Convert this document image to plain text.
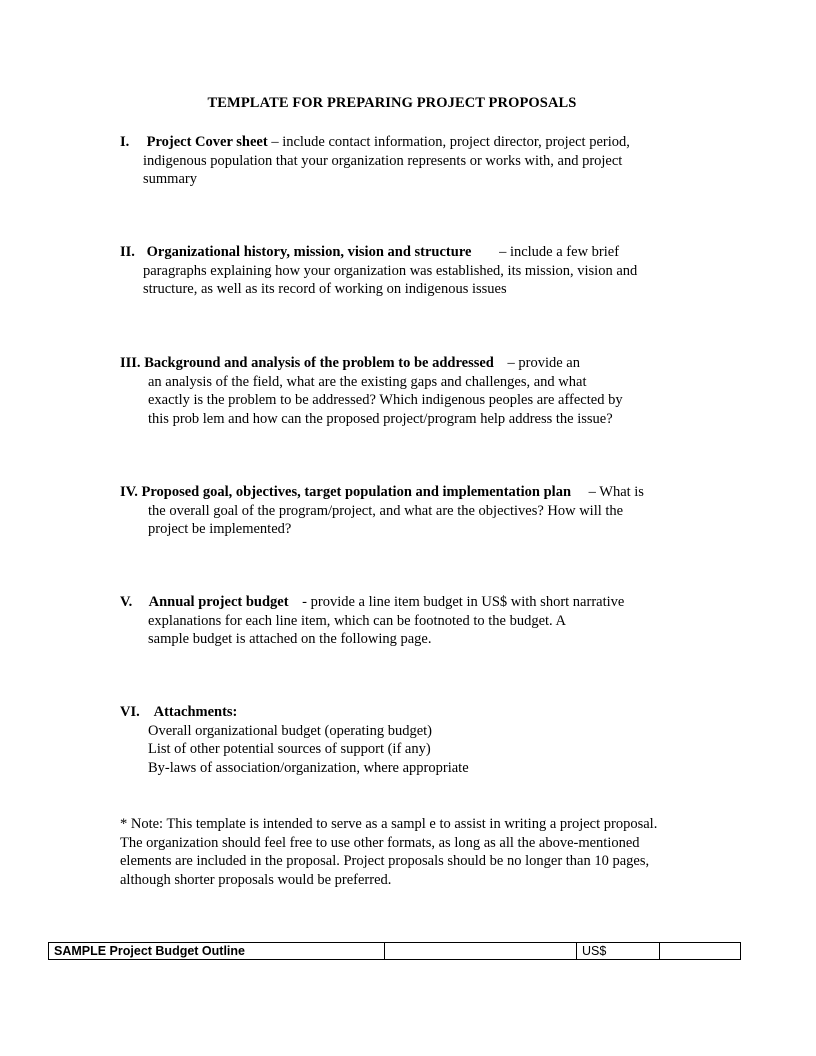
TEMPLATE FOR PREPARING PROJECT PROPOSALS
I. Project Cover sheet – include contact information, project director, project period,
indigenous population that your organization represents or works with, and project
summary
II. Organizational history, mission, vision and structure – include a few brief
paragraphs explaining how your organization was established, its mission, vision and
structure, as well as its record of working on indigenous issues
III. Background and analysis of the problem to be addressed – provide an
an analysis of the field, what are the existing gaps and challenges, and what
exactly is the problem to be addressed? Which indigenous peoples are affected by
this prob lem and how can the proposed project/program help address the issue?
IV. Proposed goal, objectives, target population and implementation plan – What is
the overall goal of the program/project, and what are the objectives? How will the
project be implemented?
V. Annual project budget - provide a line item budget in US$ with short narrative
explanations for each line item, which can be footnoted to the budget. A
sample budget is attached on the following page.
VI. Attachments:
Overall organizational budget (operating budget)
List of other potential sources of support (if any)
By-laws of association/organization, where appropriate
* Note: This template is intended to serve as a sampl e to assist in writing a project proposal.
The organization should feel free to use other formats, as long as all the above-mentioned
elements are included in the proposal. Project proposals should be no longer than 10 pages,
although shorter proposals would be preferred.
SAMPLE Project Budget Outline		US$	
